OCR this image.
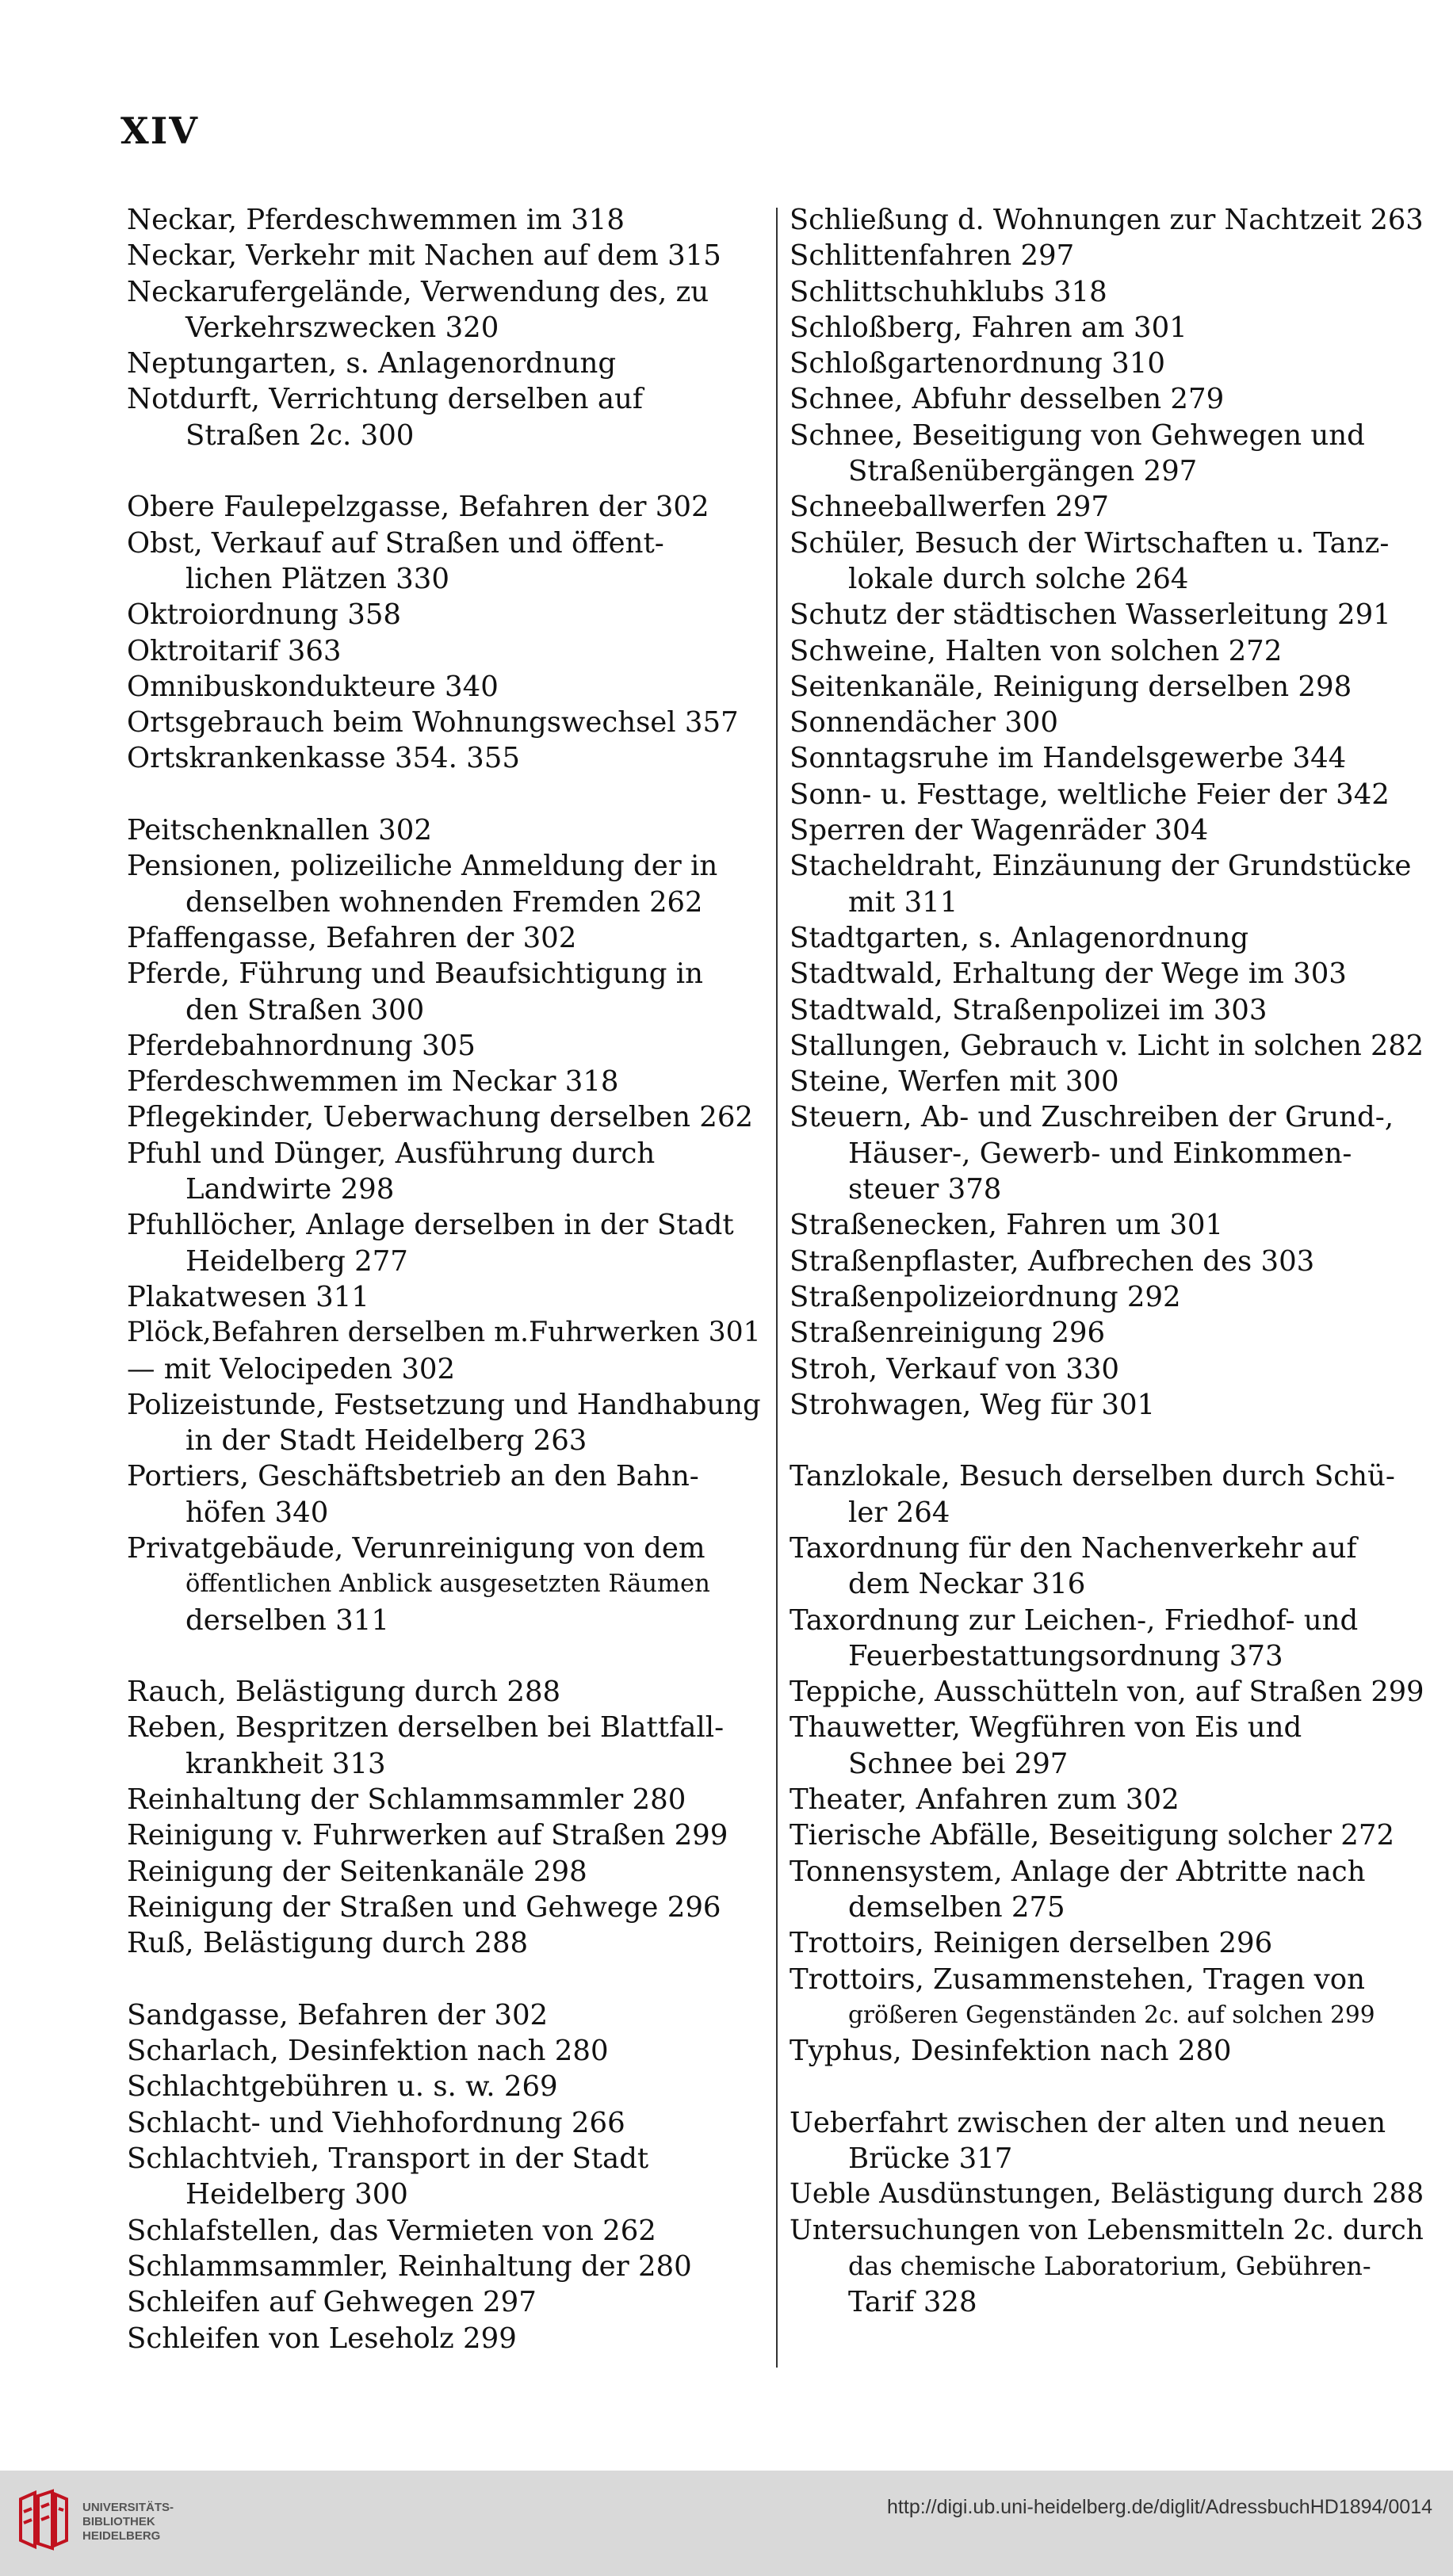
XIV
Neckar, Pferdeschwemmen im 318
Neckar, Verkehr mit Nachen auf dem 315
Neckarufergelände, Verwendung des, zu
Verkehrszwecken 320
Neptungarten, s. Anlagenordnung
Notdurft, Verrichtung derselben auf
Straßen 2c. 300
Obere Faulepelzgasse, Befahren der 302
Obst, Verkauf auf Straßen und öffent-
lichen Plätzen 330
Oktroiordnung 358
Oktroitarif 363
Omnibuskondukteure 340
Ortsgebrauch beim Wohnungswechsel 357
Ortskrankenkasse 354. 355
Peitschenknallen 302
Pensionen, polizeiliche Anmeldung der in
denselben wohnenden Fremden 262
Pfaffengasse, Befahren der 302
Pferde, Führung und Beaufsichtigung in
den Straßen 300
Pferdebahnordnung 305
Pferdeschwemmen im Neckar 318
Pflegekinder, Ueberwachung derselben 262
Pfuhl und Dünger, Ausführung durch
Landwirte 298
Pfuhllöcher, Anlage derselben in der Stadt
Heidelberg 277
Plakatwesen 311
Plöck,Befahren derselben m.Fuhrwerken 301
— mit Velocipeden 302
Polizeistunde, Festsetzung und Handhabung
in der Stadt Heidelberg 263
Portiers, Geschäftsbetrieb an den Bahn-
höfen 340
Privatgebäude, Verunreinigung von dem
öffentlichen Anblick ausgesetzten Räumen
derselben 311
Rauch, Belästigung durch 288
Reben, Bespritzen derselben bei Blattfall-
krankheit 313
Reinhaltung der Schlammsammler 280
Reinigung v. Fuhrwerken auf Straßen 299
Reinigung der Seitenkanäle 298
Reinigung der Straßen und Gehwege 296
Ruß, Belästigung durch 288
Sandgasse, Befahren der 302
Scharlach, Desinfektion nach 280
Schlachtgebühren u. s. w. 269
Schlacht- und Viehhofordnung 266
Schlachtvieh, Transport in der Stadt
Heidelberg 300
Schlafstellen, das Vermieten von 262
Schlammsammler, Reinhaltung der 280
Schleifen auf Gehwegen 297
Schleifen von Leseholz 299
Schließung d. Wohnungen zur Nachtzeit 263
Schlittenfahren 297
Schlittschuhklubs 318
Schloßberg, Fahren am 301
Schloßgartenordnung 310
Schnee, Abfuhr desselben 279
Schnee, Beseitigung von Gehwegen und
Straßenübergängen 297
Schneeballwerfen 297
Schüler, Besuch der Wirtschaften u. Tanz-
lokale durch solche 264
Schutz der städtischen Wasserleitung 291
Schweine, Halten von solchen 272
Seitenkanäle, Reinigung derselben 298
Sonnendächer 300
Sonntagsruhe im Handelsgewerbe 344
Sonn- u. Festtage, weltliche Feier der 342
Sperren der Wagenräder 304
Stacheldraht, Einzäunung der Grundstücke
mit 311
Stadtgarten, s. Anlagenordnung
Stadtwald, Erhaltung der Wege im 303
Stadtwald, Straßenpolizei im 303
Stallungen, Gebrauch v. Licht in solchen 282
Steine, Werfen mit 300
Steuern, Ab- und Zuschreiben der Grund-,
Häuser-, Gewerb- und Einkommen-
steuer 378
Straßenecken, Fahren um 301
Straßenpflaster, Aufbrechen des 303
Straßenpolizeiordnung 292
Straßenreinigung 296
Stroh, Verkauf von 330
Strohwagen, Weg für 301
Tanzlokale, Besuch derselben durch Schü-
ler 264
Taxordnung für den Nachenverkehr auf
dem Neckar 316
Taxordnung zur Leichen-, Friedhof- und
Feuerbestattungsordnung 373
Teppiche, Ausschütteln von, auf Straßen 299
Thauwetter, Wegführen von Eis und
Schnee bei 297
Theater, Anfahren zum 302
Tierische Abfälle, Beseitigung solcher 272
Tonnensystem, Anlage der Abtritte nach
demselben 275
Trottoirs, Reinigen derselben 296
Trottoirs, Zusammenstehen, Tragen von
größeren Gegenständen 2c. auf solchen 299
Typhus, Desinfektion nach 280
Ueberfahrt zwischen der alten und neuen
Brücke 317
Ueble Ausdünstungen, Belästigung durch 288
Untersuchungen von Lebensmitteln 2c. durch
das chemische Laboratorium, Gebühren-
Tarif 328
UNIVERSITÄTS-
BIBLIOTHEK
HEIDELBERG
http://digi.ub.uni-heidelberg.de/diglit/AdressbuchHD1894/0014
